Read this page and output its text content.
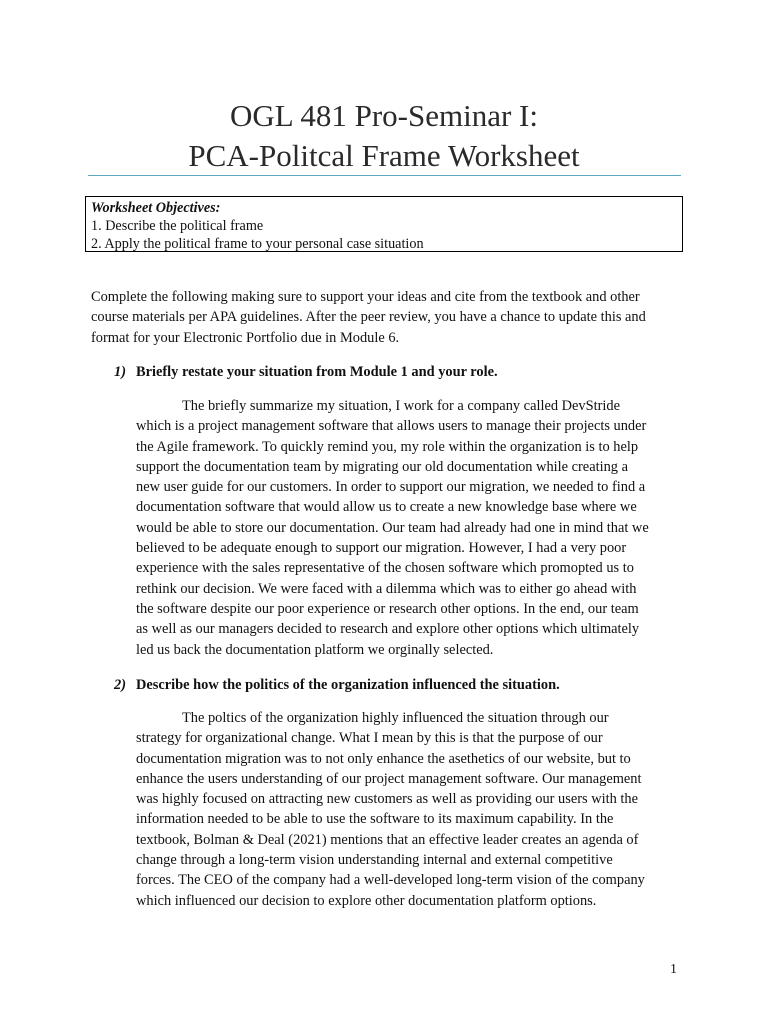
OGL 481 Pro-Seminar I:
PCA-Politcal Frame Worksheet
Worksheet Objectives:
1. Describe the political frame
2. Apply the political frame to your personal case situation
Complete the following making sure to support your ideas and cite from the textbook and other
course materials per APA guidelines. After the peer review, you have a chance to update this and
format for your Electronic Portfolio due in Module 6.
1) Briefly restate your situation from Module 1 and your role.
The briefly summarize my situation, I work for a company called DevStride
which is a project management software that allows users to manage their projects under
the Agile framework. To quickly remind you, my role within the organization is to help
support the documentation team by migrating our old documentation while creating a
new user guide for our customers. In order to support our migration, we needed to find a
documentation software that would allow us to create a new knowledge base where we
would be able to store our documentation. Our team had already had one in mind that we
believed to be adequate enough to support our migration. However, I had a very poor
experience with the sales representative of the chosen software which promopted us to
rethink our decision. We were faced with a dilemma which was to either go ahead with
the software despite our poor experience or research other options. In the end, our team
as well as our managers decided to research and explore other options which ultimately
led us back the documentation platform we orginally selected.
2) Describe how the politics of the organization influenced the situation.
The poltics of the organization highly influenced the situation through our
strategy for organizational change. What I mean by this is that the purpose of our
documentation migration was to not only enhance the asethetics of our website, but to
enhance the users understanding of our project management software. Our management
was highly focused on attracting new customers as well as providing our users with the
information needed to be able to use the software to its maximum capability. In the
textbook, Bolman & Deal (2021) mentions that an effective leader creates an agenda of
change through a long-term vision understanding internal and external competitive
forces. The CEO of the company had a well-developed long-term vision of the company
which influenced our decision to explore other documentation platform options.
1
